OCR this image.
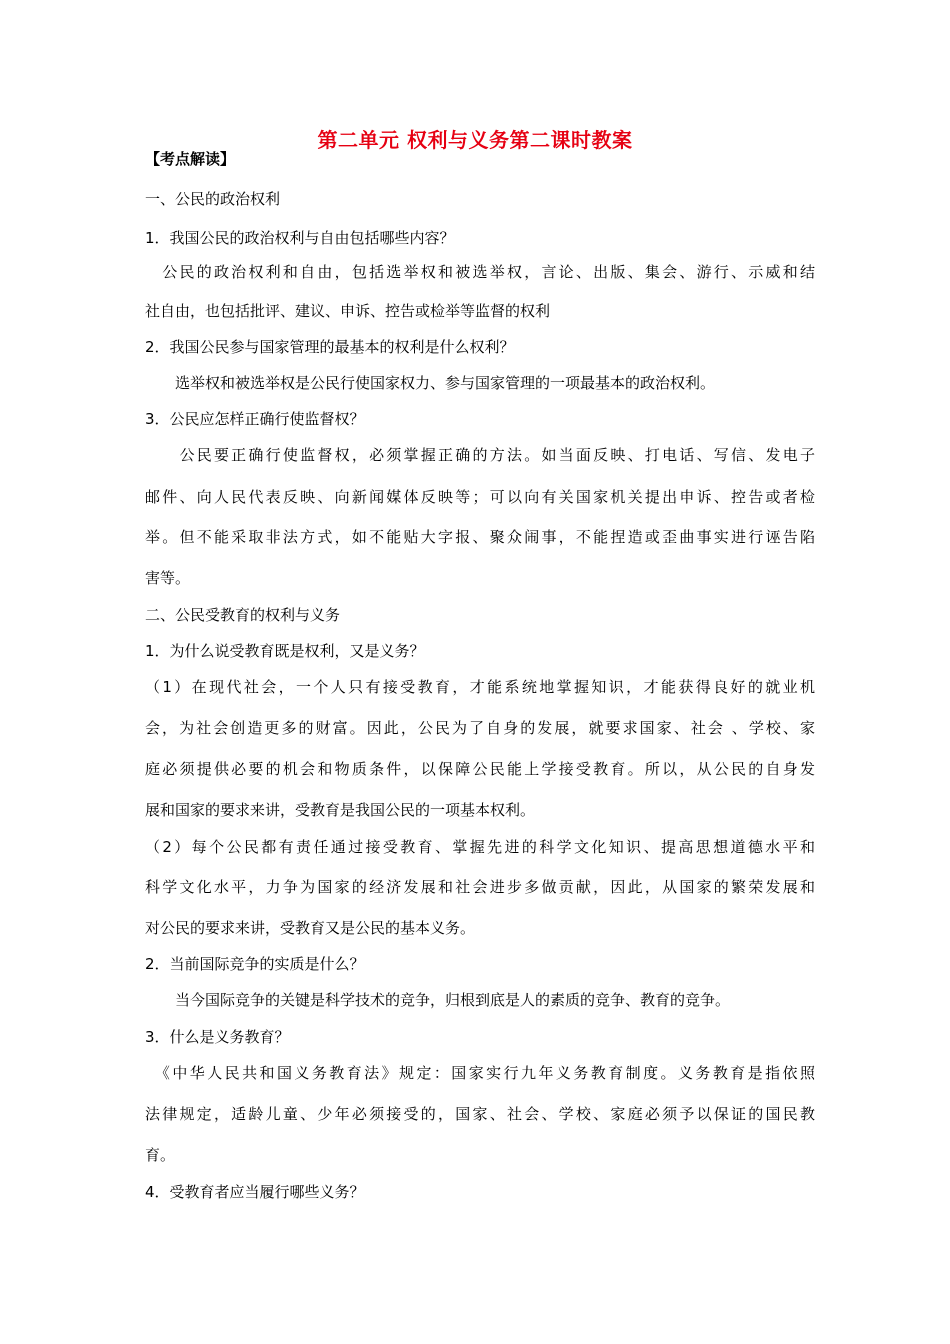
第二单元 权利与义务第二课时教案
【考点解读】
一、公民的政治权利
1．我国公民的政治权利与自由包括哪些内容？
　公民的政治权利和自由，包括选举权和被选举权，言论、出版、集会、游行、示威和结
社自由，也包括批评、建议、申诉、控告或检举等监督的权利
2．我国公民参与国家管理的最基本的权利是什么权利？
　　选举权和被选举权是公民行使国家权力、参与国家管理的一项最基本的政治权利。
3．公民应怎样正确行使监督权？
　　公民要正确行使监督权，必须掌握正确的方法。如当面反映、打电话、写信、发电子
邮件、向人民代表反映、向新闻媒体反映等；可以向有关国家机关提出申诉、控告或者检
举。但不能采取非法方式，如不能贴大字报、聚众闹事，不能捏造或歪曲事实进行诬告陷
害等。
二、公民受教育的权利与义务
1．为什么说受教育既是权利，又是义务？
（1）在现代社会，一个人只有接受教育，才能系统地掌握知识，才能获得良好的就业机
会，为社会创造更多的财富。因此，公民为了自身的发展，就要求国家、社会 、学校、家
庭必须提供必要的机会和物质条件，以保障公民能上学接受教育。所以，从公民的自身发
展和国家的要求来讲，受教育是我国公民的一项基本权利。
（2）每个公民都有责任通过接受教育、掌握先进的科学文化知识、提高思想道德水平和
科学文化水平，力争为国家的经济发展和社会进步多做贡献，因此，从国家的繁荣发展和
对公民的要求来讲，受教育又是公民的基本义务。
2．当前国际竞争的实质是什么？
　　当今国际竞争的关键是科学技术的竞争，归根到底是人的素质的竞争、教育的竞争。
3．什么是义务教育？
　《中华人民共和国义务教育法》规定：国家实行九年义务教育制度。义务教育是指依照
法律规定，适龄儿童、少年必须接受的，国家、社会、学校、家庭必须予以保证的国民教
育。
4．受教育者应当履行哪些义务？
